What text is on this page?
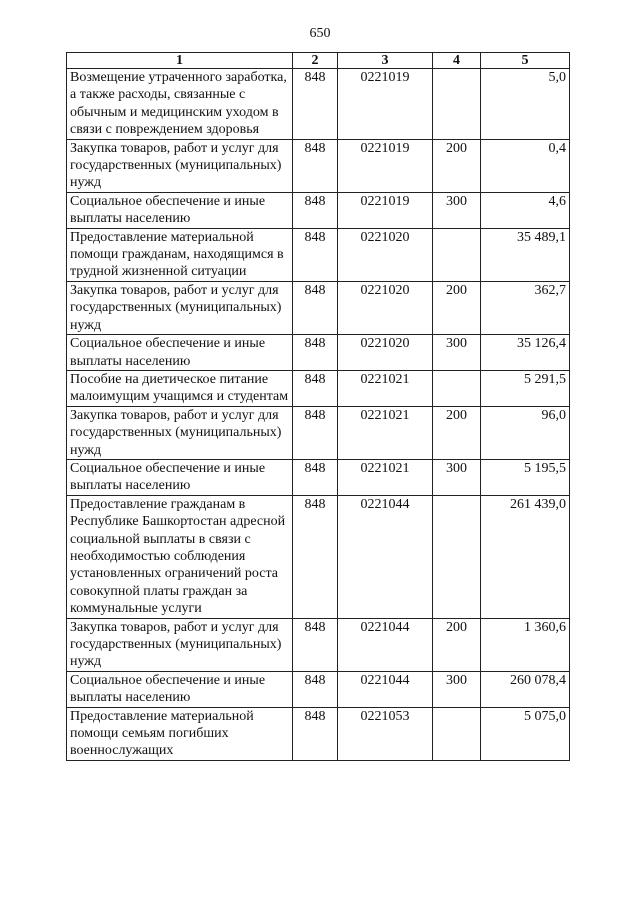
650
1	2	3	4	5
Возмещение утраченного заработка, а также расходы, связанные с обычным и медицинским уходом в связи с повреждением здоровья	848	0221019		5,0
Закупка товаров, работ и услуг для государственных (муниципальных) нужд	848	0221019	200	0,4
Социальное обеспечение и иные выплаты населению	848	0221019	300	4,6
Предоставление материальной помощи гражданам, находящимся в трудной жизненной ситуации	848	0221020		35 489,1
Закупка товаров, работ и услуг для государственных (муниципальных) нужд	848	0221020	200	362,7
Социальное обеспечение и иные выплаты населению	848	0221020	300	35 126,4
Пособие на диетическое питание малоимущим учащимся и студентам	848	0221021		5 291,5
Закупка товаров, работ и услуг для государственных (муниципальных) нужд	848	0221021	200	96,0
Социальное обеспечение и иные выплаты населению	848	0221021	300	5 195,5
Предоставление гражданам в Республике Башкортостан адресной социальной выплаты в связи с необходимостью соблюдения установленных ограничений роста совокупной платы граждан за коммунальные услуги	848	0221044		261 439,0
Закупка товаров, работ и услуг для государственных (муниципальных) нужд	848	0221044	200	1 360,6
Социальное обеспечение и иные выплаты населению	848	0221044	300	260 078,4
Предоставление материальной помощи семьям погибших военнослужащих	848	0221053		5 075,0
